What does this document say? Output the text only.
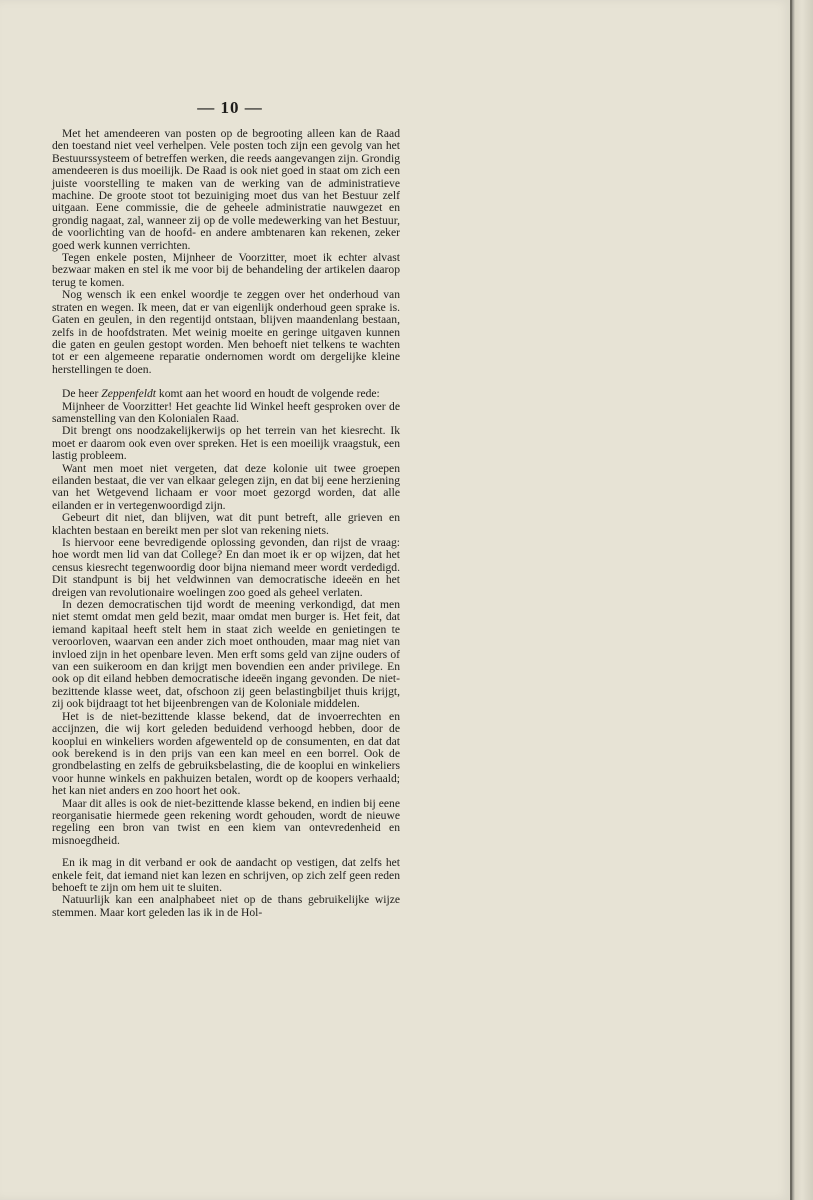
— 10 —

Met het amendeeren van posten op de begrooting alleen kan de Raad den toestand niet veel verhelpen. Vele posten toch zijn een gevolg van het Bestuurssysteem of betreffen werken, die reeds aangevangen zijn. Grondig amendeeren is dus moeilijk. De Raad is ook niet goed in staat om zich een juiste voorstelling te maken van de werking van de administratieve machine. De groote stoot tot bezuiniging moet dus van het Bestuur zelf uitgaan. Eene commissie, die de geheele administratie nauwgezet en grondig nagaat, zal, wanneer zij op de volle medewerking van het Bestuur, de voorlichting van de hoofd- en andere ambtenaren kan rekenen, zeker goed werk kunnen verrichten.

Tegen enkele posten, Mijnheer de Voorzitter, moet ik echter alvast bezwaar maken en stel ik me voor bij de behandeling der artikelen daarop terug te komen.

Nog wensch ik een enkel woordje te zeggen over het onderhoud van straten en wegen. Ik meen, dat er van eigenlijk onderhoud geen sprake is. Gaten en geulen, in den regentijd ontstaan, blijven maandenlang bestaan, zelfs in de hoofdstraten. Met weinig moeite en geringe uitgaven kunnen die gaten en geulen gestopt worden. Men behoeft niet telkens te wachten tot er een algemeene reparatie ondernomen wordt om dergelijke kleine herstellingen te doen.

De heer Zeppenfeldt komt aan het woord en houdt de volgende rede:

Mijnheer de Voorzitter! Het geachte lid Winkel heeft gesproken over de samenstelling van den Kolonialen Raad.

Dit brengt ons noodzakelijkerwijs op het terrein van het kiesrecht. Ik moet er daarom ook even over spreken. Het is een moeilijk vraagstuk, een lastig probleem.

Want men moet niet vergeten, dat deze kolonie uit twee groepen eilanden bestaat, die ver van elkaar gelegen zijn, en dat bij eene herziening van het Wetgevend lichaam er voor moet gezorgd worden, dat alle eilanden er in vertegenwoordigd zijn.

Gebeurt dit niet, dan blijven, wat dit punt betreft, alle grieven en klachten bestaan en bereikt men per slot van rekening niets.

Is hiervoor eene bevredigende oplossing gevonden, dan rijst de vraag: hoe wordt men lid van dat College? En dan moet ik er op wijzen, dat het census kiesrecht tegenwoordig door bijna niemand meer wordt verdedigd. Dit standpunt is bij het veldwinnen van democratische ideeën en het dreigen van revolutionaire woelingen zoo goed als geheel verlaten.

In dezen democratischen tijd wordt de meening verkondigd, dat men niet stemt omdat men geld bezit, maar omdat men burger is. Het feit, dat iemand kapitaal heeft stelt hem in staat zich weelde en genietingen te veroorloven, waarvan een ander zich moet onthouden, maar mag niet van invloed zijn in het openbare leven. Men erft soms geld van zijne ouders of van een suikeroom en dan krijgt men bovendien een ander privilege. En ook op dit eiland hebben democratische ideeën ingang gevonden. De niet-bezittende klasse weet, dat, ofschoon zij geen belastingbiljet thuis krijgt, zij ook bijdraagt tot het bijeenbrengen van de Koloniale middelen.

Het is de niet-bezittende klasse bekend, dat de invoerrechten en accijnzen, die wij kort geleden beduidend verhoogd hebben, door de kooplui en winkeliers worden afgewenteld op de consumenten, en dat dat ook berekend is in den prijs van een kan meel en een borrel. Ook de grondbelasting en zelfs de gebruiksbelasting, die de kooplui en winkeliers voor hunne winkels en pakhuizen betalen, wordt op de koopers verhaald; het kan niet anders en zoo hoort het ook.

Maar dit alles is ook de niet-bezittende klasse bekend, en indien bij eene reorganisatie hiermede geen rekening wordt gehouden, wordt de nieuwe regeling een bron van twist en een kiem van ontevredenheid en misnoegdheid.

En ik mag in dit verband er ook de aandacht op vestigen, dat zelfs het enkele feit, dat iemand niet kan lezen en schrijven, op zich zelf geen reden behoeft te zijn om hem uit te sluiten.

Natuurlijk kan een analphabeet niet op de thans gebruikelijke wijze stemmen. Maar kort geleden las ik in de Hol-
